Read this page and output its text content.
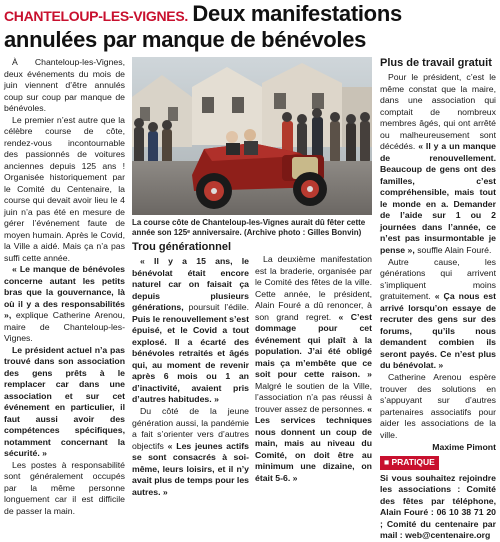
CHANTELOUP-LES-VIGNES. Deux manifestations
annulées par manque de bénévoles

À Chanteloup-les-Vignes, deux événements du mois de juin viennent d’être annulés coup sur coup par manque de bénévoles.

Le premier n’est autre que la célèbre course de côte, rendez-vous incontournable des passionnés de voitures anciennes depuis 125 ans ! Organisée historiquement par le Comité du Centenaire, la course qui devait avoir lieu le 4 juin n’a pas été en mesure de gérer l’événement faute de moyen humain. Après le Covid, la Ville a aidé. Mais ça n’a pas suffi cette année.

« Le manque de bénévoles concerne autant les petits bras que la gouvernance, là où il y a des responsabilités », explique Catherine Arenou, maire de Chanteloup-les-Vignes.

Le président actuel n’a pas trouvé dans son association des gens prêts à le remplacer car dans une association et sur cet événement en particulier, il faut aussi avoir des compétences spécifiques, notamment concernant la sécurité. »

Les postes à responsabilité sont généralement occupés par la même personne longuement car il est difficile de passer la main.

La course côte de Chanteloup-les-Vignes aurait dû fêter cette année son 125ᵉ anniversaire. (Archive photo : Gilles Bonvin)
Trou générationnel

« Il y a 15 ans, le bénévolat était encore naturel car on faisait ça depuis plusieurs générations, poursuit l’édile. Puis le renouvellement s’est épuisé, et le Covid a tout explosé. Il a écarté des bénévoles retraités et âgés qui, au moment de revenir après 6 mois ou 1 an d’inactivité, avaient pris d’autres habitudes. »

Du côté de la jeune génération aussi, la pandémie a fait s’orienter vers d’autres objectifs « Les jeunes actifs se sont consacrés à soi-même, leurs loisirs, et il n’y avait plus de temps pour les autres. »

La deuxième manifestation est la braderie, organisée par le Comité des fêtes de la ville. Cette année, le président, Alain Fouré a dû renoncer, à son grand regret. « C’est dommage pour cet événement qui plaît à la population. J’ai été obligé mais ça m’embête que ce soit pour cette raison. » Malgré le soutien de la Ville, l’association n’a pas réussi à trouver assez de personnes. « Les services techniques nous donnent un coup de main, mais au niveau du Comité, on doit être au minimum une dizaine, on était 5-6. »

Plus de travail gratuit

Pour le président, c’est le même constat que la maire, dans une association qui comptait de nombreux membres âgés, qui ont arrêté ou malheureusement sont décédés. « Il y a un manque de renouvellement. Beaucoup de gens ont des familles, c’est compréhensible, mais tout le monde en a. Demander de l’aide sur 1 ou 2 journées dans l’année, ce n’est pas insurmontable je pense », souffle Alain Fouré.

Autre cause, les générations qui arrivent s’impliquent moins gratuitement. « Ça nous est arrivé lorsqu’on essaye de recruter des gens sur des forums, qu’ils nous demandent combien ils seront payés. Ce n’est plus du bénévolat. »

Catherine Arenou espère trouver des solutions en s’appuyant sur d’autres partenaires associatifs pour aider les associations de la ville.

Maxime Pimont

■ PRATIQUE

Si vous souhaitez rejoindre les associations : Comité des fêtes par téléphone, Alain Fouré : 06 10 38 71 20 ; Comité du centenaire par mail : web@centenaire.org
